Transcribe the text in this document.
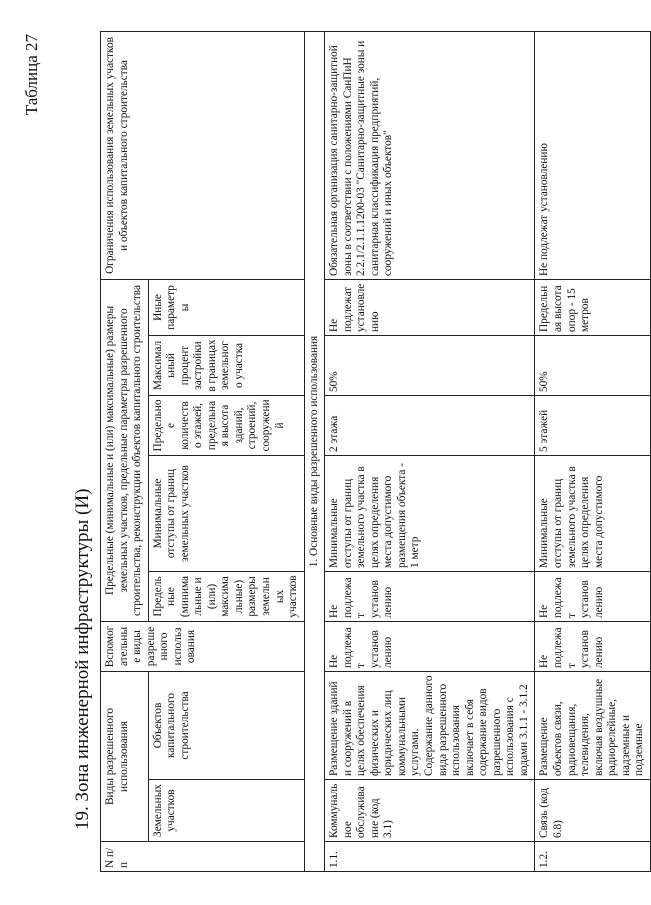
Таблица 27
19. Зона инженерной инфраструктуры (И)
N п/п	Виды разрешенного использования		Вспомогательные виды разрешенного использования	Предельные (минимальные и (или) максимальные) размеры земельных участков, предельные параметры разрешенного строительства, реконструкции объектов капитального строительства					Ограничения использования земельных участков и объектов капитального строительства
	Земельных участков	Объектов капитального строительства		Предельные (минимальные и (или) максимальные) размеры земельных участков	Минимальные отступы от границ земельных участков	Предельное количество этажей, предельная высота зданий, строений, сооружений	Максимальный процент застройки в границах земельного участка	Иные параметры	
1. Основные виды разрешенного использования									
1.1.	Коммунальное обслуживание (код 3.1)	Размещение зданий и сооружений в целях обеспечения физических и юридических лиц коммунальными услугами. Содержание данного вида разрешенного использования включает в себя содержание видов разрешенного использования с кодами 3.1.1 - 3.1.2	Не подлежат установлению	Не подлежат установлению	Минимальные отступы от границ земельного участка в целях определения места допустимого размещения объекта - 1 метр	2 этажа	50%	Не подлежат установлению	Обязательная организация санитарно-защитной зоны в соответствии с положениями СанПиН 2.2.1/2.1.1.1200-03 "Санитарно-защитные зоны и санитарная классификация предприятий, сооружений и иных объектов"
1.2.	Связь (код 6.8)	Размещение объектов связи, радиовещания, телевидения, включая воздушные радиорелейные, надземные и подземные	Не подлежат установлению	Не подлежат установлению	Минимальные отступы от границ земельного участка в целях определения места допустимого	5 этажей	50%	Предельная высота опор - 15 метров	Не подлежат установлению
